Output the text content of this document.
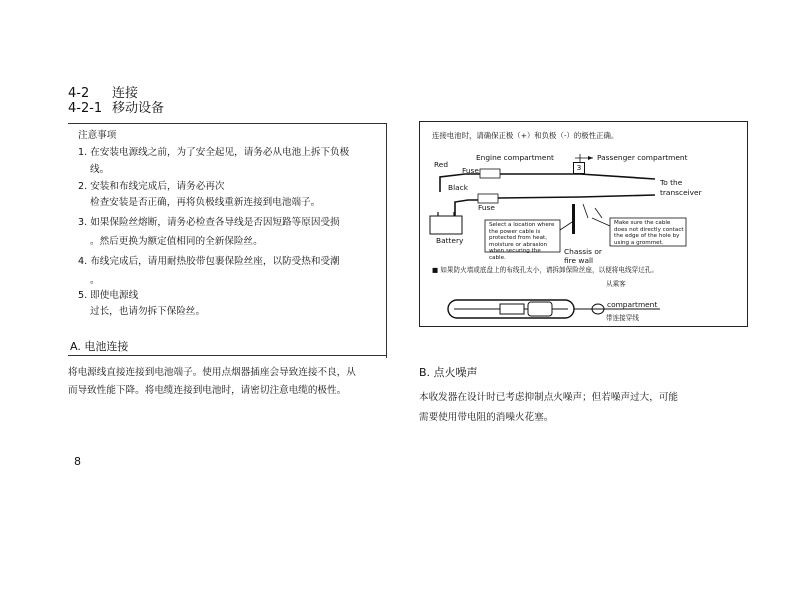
4-2 连接
4-2-1 移动设备
注意事项
1. 在安装电源线之前，为了安全起见，请务必从电池上拆下负极
线。
2. 安装和布线完成后，请务必再次
检查安装是否正确，再将负极线重新连接到电池端子。
3. 如果保险丝熔断，请务必检查各导线是否因短路等原因受损
。然后更换为额定值相同的全新保险丝。
4. 布线完成后，请用耐热胶带包裹保险丝座，以防受热和受潮
。
5. 即使电源线
过长，也请勿拆下保险丝。
A. 电池连接
将电源线直接连接到电池端子。使用点烟器插座会导致连接不良，从
而导致性能下降。将电缆连接到电池时，请密切注意电缆的极性。
连接电池时，请确保正极（+）和负极（-）的极性正确。
Engine compartment	Passenger compartment
3
Red
Fuse
Black
Fuse
To the
transceiver
Battery
Chassis or
fire wall
Select a location where the power cable is protected from heat, moisture or abrasion when securing the cable.
Make sure the cable does not directly contact the edge of the hole by using a grommet.
■ 如果防火墙或底盘上的布线孔太小，请拆卸保险丝座，以便将电线穿过孔。
从乘客
compartment
带连接穿线
B. 点火噪声
本收发器在设计时已考虑抑制点火噪声；但若噪声过大，可能
需要使用带电阻的消噪火花塞。
8
